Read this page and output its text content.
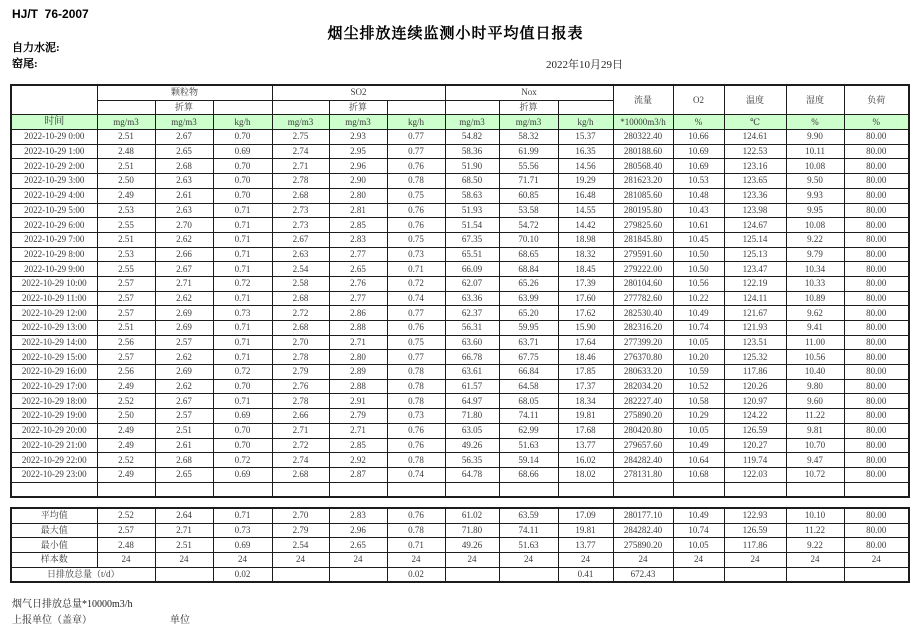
HJ/T  76-2007
烟尘排放连续监测小时平均值日报表
自力水泥:
窑尾:	2022年10月29日
	颗粒物			SO2			Nox			流量	O2	温度	湿度	负荷
		折算			折算			折算						
时间	mg/m3	mg/m3	kg/h	mg/m3	mg/m3	kg/h	mg/m3	mg/m3	kg/h	*10000m3/h	%	℃	%	%
2022-10-29 0:00	2.51	2.67	0.70	2.75	2.93	0.77	54.82	58.32	15.37	280322.40	10.66	124.61	9.90	80.00
2022-10-29 1:00	2.48	2.65	0.69	2.74	2.95	0.77	58.36	61.99	16.35	280188.60	10.69	122.53	10.11	80.00
2022-10-29 2:00	2.51	2.68	0.70	2.71	2.96	0.76	51.90	55.56	14.56	280568.40	10.69	123.16	10.08	80.00
2022-10-29 3:00	2.50	2.63	0.70	2.78	2.90	0.78	68.50	71.71	19.29	281623.20	10.53	123.65	9.50	80.00
2022-10-29 4:00	2.49	2.61	0.70	2.68	2.80	0.75	58.63	60.85	16.48	281085.60	10.48	123.36	9.93	80.00
2022-10-29 5:00	2.53	2.63	0.71	2.73	2.81	0.76	51.93	53.58	14.55	280195.80	10.43	123.98	9.95	80.00
2022-10-29 6:00	2.55	2.70	0.71	2.73	2.85	0.76	51.54	54.72	14.42	279825.60	10.61	124.67	10.08	80.00
2022-10-29 7:00	2.51	2.62	0.71	2.67	2.83	0.75	67.35	70.10	18.98	281845.80	10.45	125.14	9.22	80.00
2022-10-29 8:00	2.53	2.66	0.71	2.63	2.77	0.73	65.51	68.65	18.32	279591.60	10.50	125.13	9.79	80.00
2022-10-29 9:00	2.55	2.67	0.71	2.54	2.65	0.71	66.09	68.84	18.45	279222.00	10.50	123.47	10.34	80.00
2022-10-29 10:00	2.57	2.71	0.72	2.58	2.76	0.72	62.07	65.26	17.39	280104.60	10.56	122.19	10.33	80.00
2022-10-29 11:00	2.57	2.62	0.71	2.68	2.77	0.74	63.36	63.99	17.60	277782.60	10.22	124.11	10.89	80.00
2022-10-29 12:00	2.57	2.69	0.73	2.72	2.86	0.77	62.37	65.20	17.62	282530.40	10.49	121.67	9.62	80.00
2022-10-29 13:00	2.51	2.69	0.71	2.68	2.88	0.76	56.31	59.95	15.90	282316.20	10.74	121.93	9.41	80.00
2022-10-29 14:00	2.56	2.57	0.71	2.70	2.71	0.75	63.60	63.71	17.64	277399.20	10.05	123.51	11.00	80.00
2022-10-29 15:00	2.57	2.62	0.71	2.78	2.80	0.77	66.78	67.75	18.46	276370.80	10.20	125.32	10.56	80.00
2022-10-29 16:00	2.56	2.69	0.72	2.79	2.89	0.78	63.61	66.84	17.85	280633.20	10.59	117.86	10.40	80.00
2022-10-29 17:00	2.49	2.62	0.70	2.76	2.88	0.78	61.57	64.58	17.37	282034.20	10.52	120.26	9.80	80.00
2022-10-29 18:00	2.52	2.67	0.71	2.78	2.91	0.78	64.97	68.05	18.34	282227.40	10.58	120.97	9.60	80.00
2022-10-29 19:00	2.50	2.57	0.69	2.66	2.79	0.73	71.80	74.11	19.81	275890.20	10.29	124.22	11.22	80.00
2022-10-29 20:00	2.49	2.51	0.70	2.71	2.71	0.76	63.05	62.99	17.68	280420.80	10.05	126.59	9.81	80.00
2022-10-29 21:00	2.49	2.61	0.70	2.72	2.85	0.76	49.26	51.63	13.77	279657.60	10.49	120.27	10.70	80.00
2022-10-29 22:00	2.52	2.68	0.72	2.74	2.92	0.78	56.35	59.14	16.02	284282.40	10.64	119.74	9.47	80.00
2022-10-29 23:00	2.49	2.65	0.69	2.68	2.87	0.74	64.78	68.66	18.02	278131.80	10.68	122.03	10.72	80.00

平均值	2.52	2.64	0.71	2.70	2.83	0.76	61.02	63.59	17.09	280177.10	10.49	122.93	10.10	80.00
最大值	2.57	2.71	0.73	2.79	2.96	0.78	71.80	74.11	19.81	284282.40	10.74	126.59	11.22	80.00
最小值	2.48	2.51	0.69	2.54	2.65	0.71	49.26	51.63	13.77	275890.20	10.05	117.86	9.22	80.00
样本数	24	24	24	24	24	24	24	24	24	24	24	24	24	24
日排放总量（t/d）			0.02			0.02			0.41	672.43				
烟气日排放总量*10000m3/h
上报单位（盖章）	单位
